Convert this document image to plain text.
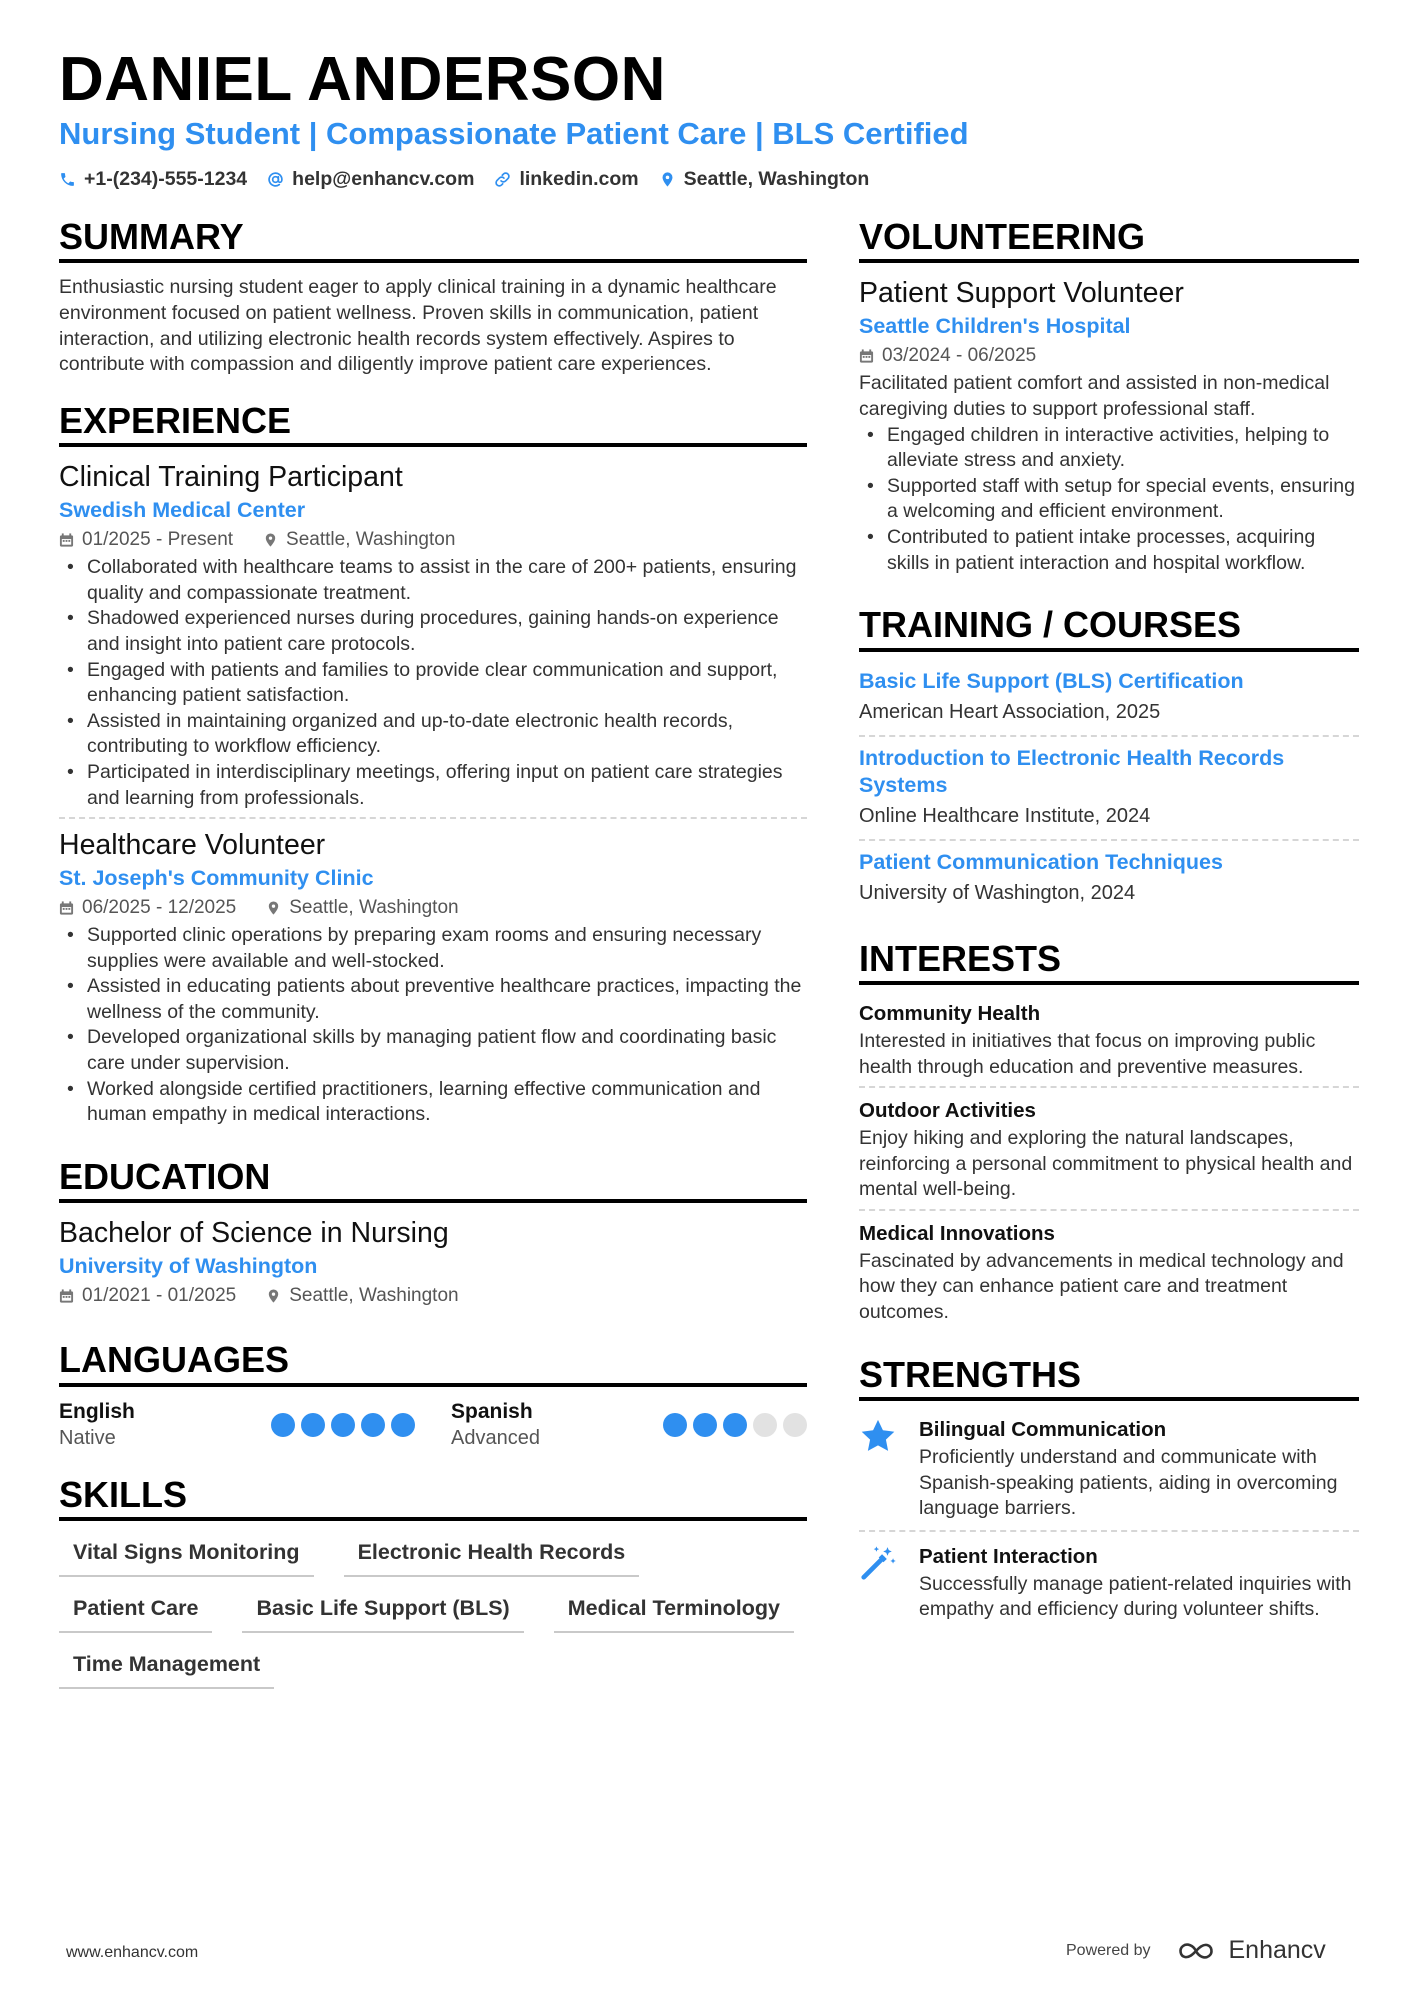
DANIEL ANDERSON
Nursing Student | Compassionate Patient Care | BLS Certified
+1-(234)-555-1234 help@enhancv.com linkedin.com Seattle, Washington
SUMMARY
Enthusiastic nursing student eager to apply clinical training in a dynamic healthcare environment focused on patient wellness. Proven skills in communication, patient interaction, and utilizing electronic health records system effectively. Aspires to contribute with compassion and diligently improve patient care experiences.
EXPERIENCE
Clinical Training Participant
Swedish Medical Center
01/2025 - Present	Seattle, Washington
• Collaborated with healthcare teams to assist in the care of 200+ patients, ensuring quality and compassionate treatment.
• Shadowed experienced nurses during procedures, gaining hands-on experience and insight into patient care protocols.
• Engaged with patients and families to provide clear communication and support, enhancing patient satisfaction.
• Assisted in maintaining organized and up-to-date electronic health records, contributing to workflow efficiency.
• Participated in interdisciplinary meetings, offering input on patient care strategies and learning from professionals.
Healthcare Volunteer
St. Joseph's Community Clinic
06/2025 - 12/2025	Seattle, Washington
• Supported clinic operations by preparing exam rooms and ensuring necessary supplies were available and well-stocked.
• Assisted in educating patients about preventive healthcare practices, impacting the wellness of the community.
• Developed organizational skills by managing patient flow and coordinating basic care under supervision.
• Worked alongside certified practitioners, learning effective communication and human empathy in medical interactions.
EDUCATION
Bachelor of Science in Nursing
University of Washington
01/2021 - 01/2025	Seattle, Washington
LANGUAGES
English
Native
Spanish
Advanced
SKILLS
Vital Signs Monitoring	Electronic Health Records
Patient Care	Basic Life Support (BLS)	Medical Terminology
Time Management
VOLUNTEERING
Patient Support Volunteer
Seattle Children's Hospital
03/2024 - 06/2025
Facilitated patient comfort and assisted in non-medical caregiving duties to support professional staff.
• Engaged children in interactive activities, helping to alleviate stress and anxiety.
• Supported staff with setup for special events, ensuring a welcoming and efficient environment.
• Contributed to patient intake processes, acquiring skills in patient interaction and hospital workflow.
TRAINING / COURSES
Basic Life Support (BLS) Certification
American Heart Association, 2025
Introduction to Electronic Health Records Systems
Online Healthcare Institute, 2024
Patient Communication Techniques
University of Washington, 2024
INTERESTS
Community Health
Interested in initiatives that focus on improving public health through education and preventive measures.
Outdoor Activities
Enjoy hiking and exploring the natural landscapes, reinforcing a personal commitment to physical health and mental well-being.
Medical Innovations
Fascinated by advancements in medical technology and how they can enhance patient care and treatment outcomes.
STRENGTHS
Bilingual Communication
Proficiently understand and communicate with Spanish-speaking patients, aiding in overcoming language barriers.
Patient Interaction
Successfully manage patient-related inquiries with empathy and efficiency during volunteer shifts.
www.enhancv.com	Powered by	Enhancv
